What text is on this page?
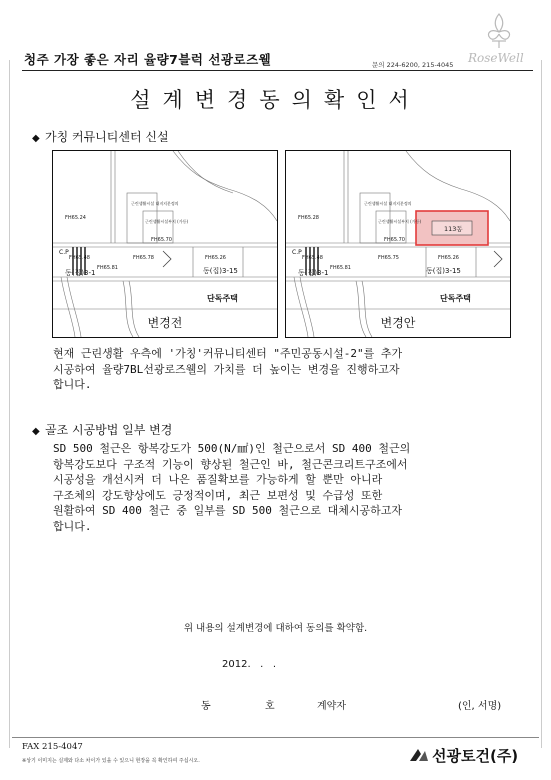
청주 가장 좋은 자리 율량7블럭 선광로즈웰	문의 224-6200, 215-4045 RoseWell
설계변경동의확인서
◆ 가칭 커뮤니티센터 신설
FH65.24
FH65.48
FH65.81
FH65.78	FH65.26
FH65.70
근린생활시설 대지지분정의
근린생활시설부지 (가등)
C.P
동(집)3-1	동(집)3-15
단독주택
변경전
113동
FH65.28
FH65.48
FH65.81
FH65.75	FH65.26
FH65.70
근린생활시설 대지지분정의
근린생활시설부지 (가등)
C.P
동(집)3-1	동(집)3-15
단독주택
변경안

현재 근린생활 우측에 '가칭'커뮤니티센터 "주민공동시설-2"를 추가

시공하여 율량7BL선광로즈웰의 가치를 더 높이는 변경을 진행하고자

합니다.

◆ 골조 시공방법 일부 변경

SD 500 철근은 항복강도가 500(N/㎟)인 철근으로서 SD 400 철근의

항복강도보다 구조적 기능이 향상된 철근인 바, 철근콘크리트구조에서

시공성을 개선시켜 더 나은 품질확보를 가능하게 할 뿐만 아니라

구조체의 강도향상에도 긍정적이며, 최근 보편성 및 수급성 또한

원활하여 SD 400 철근 중 일부를 SD 500 철근으로 대체시공하고자

합니다.

위 내용의 설계변경에 대하여 동의를 확약함.
2012.   .   .
동	호	계약자	(인, 서명)
FAX 215-4047
※상기 이미지는 실제와 다소 차이가 있을 수 있으니 현장을 꼭 확인하여 주십시오.	선광토건(주)
